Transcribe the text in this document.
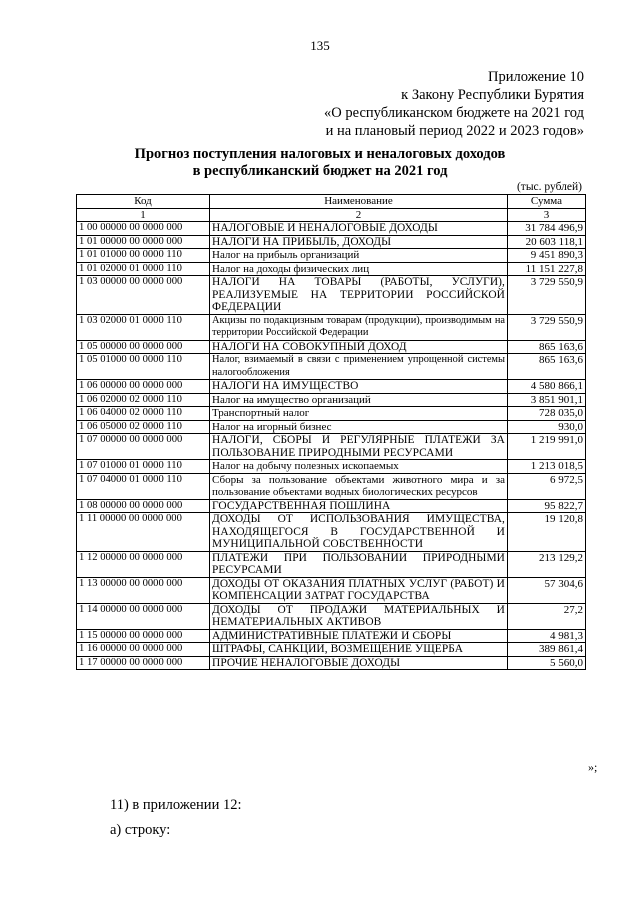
135
Приложение 10
к Закону Республики Бурятия
«О республиканском бюджете на 2021 год
и на плановый период 2022 и 2023 годов»
Прогноз поступления налоговых и неналоговых доходов
в республиканский бюджет на 2021 год
(тыс. рублей)
Код	Наименование	Сумма
1	2	3
1 00 00000 00 0000 000	НАЛОГОВЫЕ И НЕНАЛОГОВЫЕ ДОХОДЫ	31 784 496,9
1 01 00000 00 0000 000	НАЛОГИ НА ПРИБЫЛЬ, ДОХОДЫ	20 603 118,1
1 01 01000 00 0000 110	Налог на прибыль организаций	9 451 890,3
1 01 02000 01 0000 110	Налог на доходы физических лиц	11 151 227,8
1 03 00000 00 0000 000	НАЛОГИ НА ТОВАРЫ (РАБОТЫ, УСЛУГИ), РЕАЛИЗУЕМЫЕ НА ТЕРРИТОРИИ РОССИЙСКОЙ ФЕДЕРАЦИИ	3 729 550,9
1 03 02000 01 0000 110	Акцизы по подакцизным товарам (продукции), производимым на территории Российской Федерации	3 729 550,9
1 05 00000 00 0000 000	НАЛОГИ НА СОВОКУПНЫЙ ДОХОД	865 163,6
1 05 01000 00 0000 110	Налог, взимаемый в связи с применением упрощенной системы налогообложения	865 163,6
1 06 00000 00 0000 000	НАЛОГИ НА ИМУЩЕСТВО	4 580 866,1
1 06 02000 02 0000 110	Налог на имущество организаций	3 851 901,1
1 06 04000 02 0000 110	Транспортный налог	728 035,0
1 06 05000 02 0000 110	Налог на игорный бизнес	930,0
1 07 00000 00 0000 000	НАЛОГИ, СБОРЫ И РЕГУЛЯРНЫЕ ПЛАТЕЖИ ЗА ПОЛЬЗОВАНИЕ ПРИРОДНЫМИ РЕСУРСАМИ	1 219 991,0
1 07 01000 01 0000 110	Налог на добычу полезных ископаемых	1 213 018,5
1 07 04000 01 0000 110	Сборы за пользование объектами животного мира и за пользование объектами водных биологических ресурсов	6 972,5
1 08 00000 00 0000 000	ГОСУДАРСТВЕННАЯ ПОШЛИНА	95 822,7
1 11 00000 00 0000 000	ДОХОДЫ ОТ ИСПОЛЬЗОВАНИЯ ИМУЩЕСТВА, НАХОДЯЩЕГОСЯ В ГОСУДАРСТВЕННОЙ И МУНИЦИПАЛЬНОЙ СОБСТВЕННОСТИ	19 120,8
1 12 00000 00 0000 000	ПЛАТЕЖИ ПРИ ПОЛЬЗОВАНИИ ПРИРОДНЫМИ РЕСУРСАМИ	213 129,2
1 13 00000 00 0000 000	ДОХОДЫ ОТ ОКАЗАНИЯ ПЛАТНЫХ УСЛУГ (РАБОТ) И КОМПЕНСАЦИИ ЗАТРАТ ГОСУДАРСТВА	57 304,6
1 14 00000 00 0000 000	ДОХОДЫ ОТ ПРОДАЖИ МАТЕРИАЛЬНЫХ И НЕМАТЕРИАЛЬНЫХ АКТИВОВ	27,2
1 15 00000 00 0000 000	АДМИНИСТРАТИВНЫЕ ПЛАТЕЖИ И СБОРЫ	4 981,3
1 16 00000 00 0000 000	ШТРАФЫ, САНКЦИИ, ВОЗМЕЩЕНИЕ УЩЕРБА	389 861,4
1 17 00000 00 0000 000	ПРОЧИЕ НЕНАЛОГОВЫЕ ДОХОДЫ	5 560,0
»;
11) в приложении 12:
а) строку:
